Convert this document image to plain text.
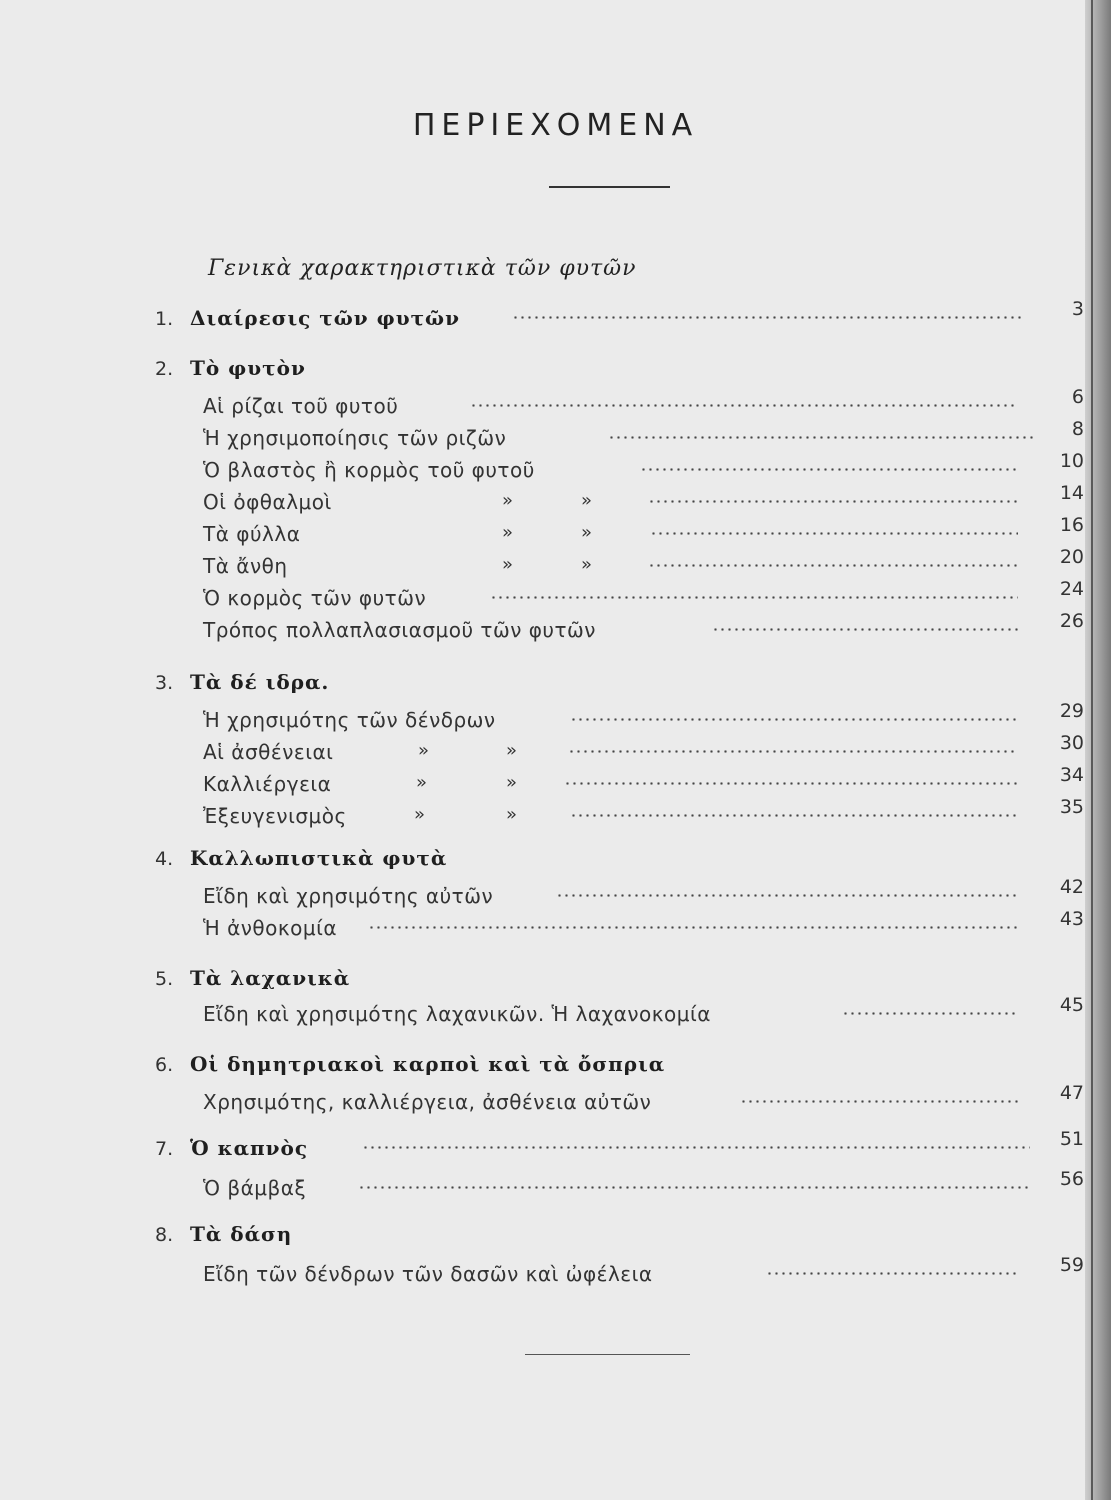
ΠΕΡΙΕΧΟΜΕΝΑ
Γενικὰ χαρακτηριστικὰ τῶν φυτῶν
1. Διαίρεσις τῶν φυτῶν	3
2. Τὸ φυτὸν
Αἱ ρίζαι τοῦ φυτοῦ	6
Ἡ χρησιμοποίησις τῶν ριζῶν	8
Ὁ βλαστὸς ἢ κορμὸς τοῦ φυτοῦ	10
Οἱ ὀφθαλμοὶ	»	»	14
Τὰ φύλλα	»	»	16
Τὰ ἄνθη	»	»	20
Ὁ κορμὸς τῶν φυτῶν	24
Τρόπος πολλαπλασιασμοῦ τῶν φυτῶν	26
3. Τὰ δέ ιδρα.
Ἡ χρησιμότης τῶν δένδρων	29
Αἱ ἀσθένειαι	»	»	30
Καλλιέργεια	»	»	34
Ἐξευγενισμὸς	»	»	35
4. Καλλωπιστικὰ φυτὰ
Εἴδη καὶ χρησιμότης αὐτῶν	42
Ἡ ἀνθοκομία	43
5. Τὰ λαχανικὰ
Εἴδη καὶ χρησιμότης λαχανικῶν. Ἡ λαχανοκομία	45
6. Οἱ δημητριακοὶ καρποὶ καὶ τὰ ὄσπρια
Χρησιμότης, καλλιέργεια, ἀσθένεια αὐτῶν	47
7. Ὁ καπνὸς	51
Ὁ βάμβαξ	56
8. Τὰ δάση
Εἴδη τῶν δένδρων τῶν δασῶν καὶ ὠφέλεια	59
